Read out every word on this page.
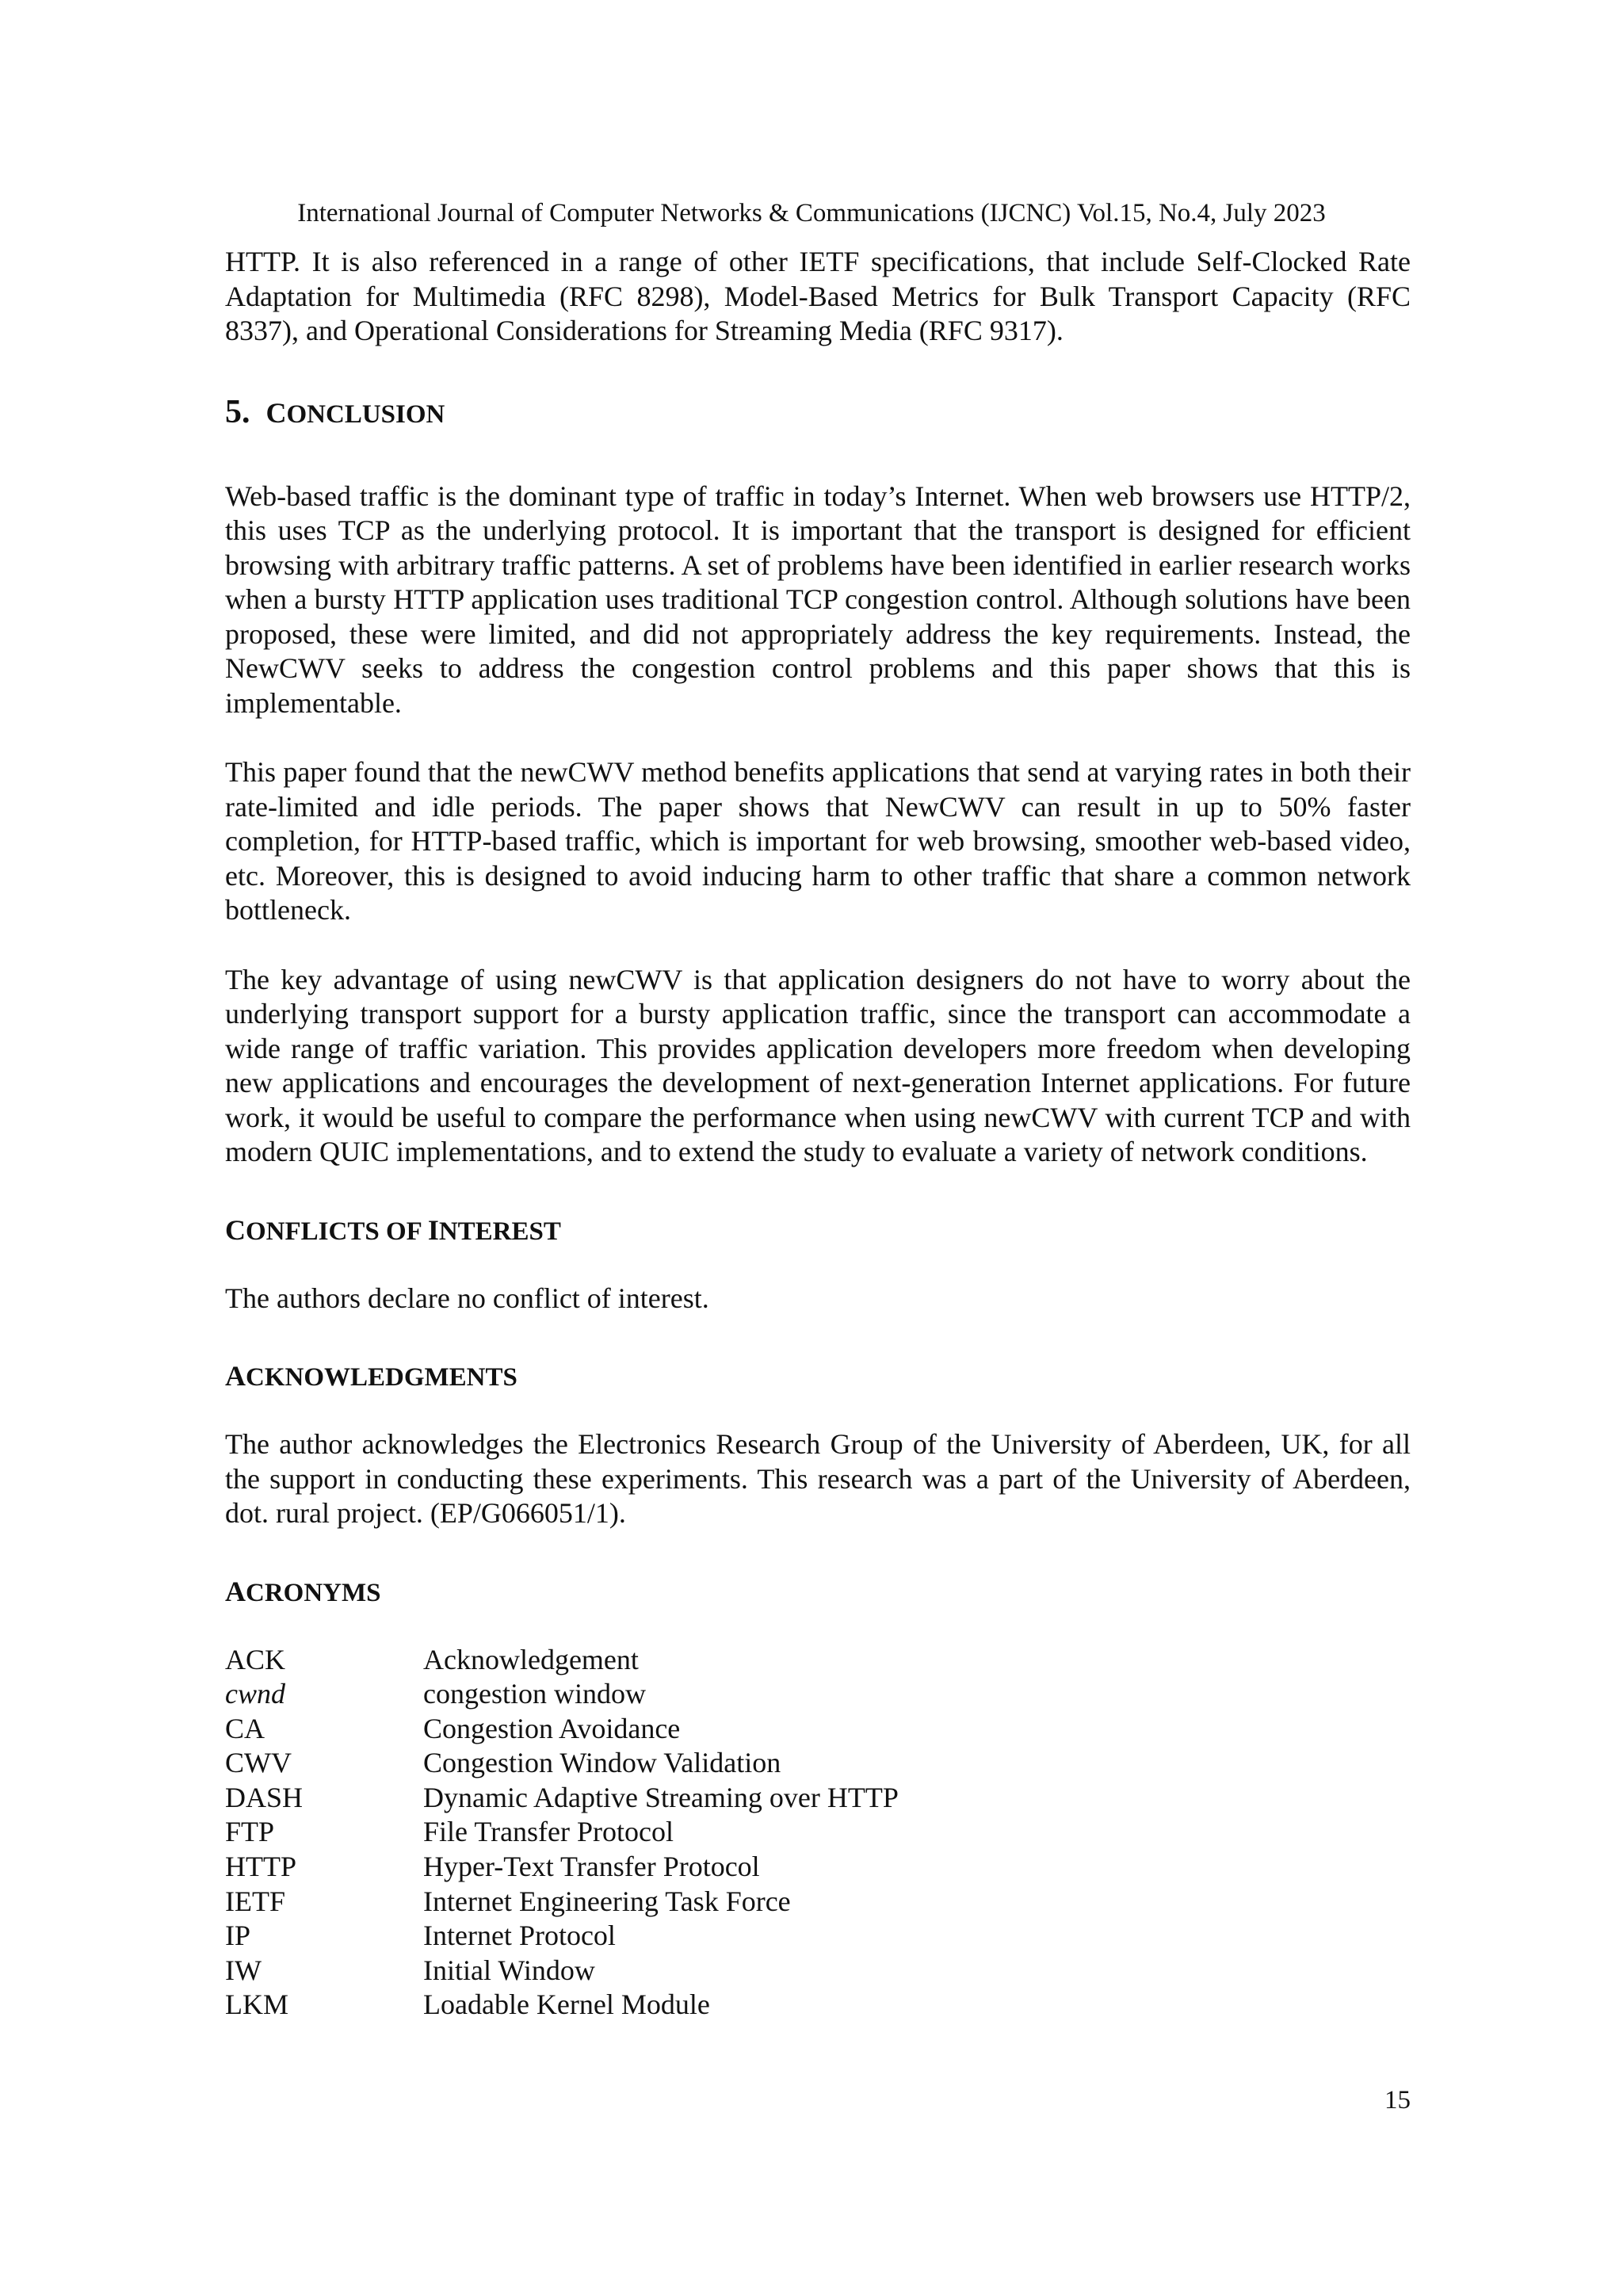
International Journal of Computer Networks & Communications (IJCNC) Vol.15, No.4, July 2023

HTTP. It is also referenced in a range of other IETF specifications, that include Self-Clocked Rate Adaptation for Multimedia (RFC 8298), Model-Based Metrics for Bulk Transport Capacity (RFC 8337), and Operational Considerations for Streaming Media (RFC 9317).

5. CONCLUSION

Web-based traffic is the dominant type of traffic in today’s Internet. When web browsers use HTTP/2, this uses TCP as the underlying protocol. It is important that the transport is designed for efficient browsing with arbitrary traffic patterns. A set of problems have been identified in earlier research works when a bursty HTTP application uses traditional TCP congestion control. Although solutions have been proposed, these were limited, and did not appropriately address the key requirements. Instead, the NewCWV seeks to address the congestion control problems and this paper shows that this is implementable.

This paper found that the newCWV method benefits applications that send at varying rates in both their rate-limited and idle periods. The paper shows that NewCWV can result in up to 50% faster completion, for HTTP-based traffic, which is important for web browsing, smoother web-based video, etc. Moreover, this is designed to avoid inducing harm to other traffic that share a common network bottleneck.

The key advantage of using newCWV is that application designers do not have to worry about the underlying transport support for a bursty application traffic, since the transport can accommodate a wide range of traffic variation. This provides application developers more freedom when developing new applications and encourages the development of next-generation Internet applications. For future work, it would be useful to compare the performance when using newCWV with current TCP and with modern QUIC implementations, and to extend the study to evaluate a variety of network conditions.

CONFLICTS OF INTEREST

The authors declare no conflict of interest.

ACKNOWLEDGMENTS

The author acknowledges the Electronics Research Group of the University of Aberdeen, UK, for all the support in conducting these experiments. This research was a part of the University of Aberdeen, dot. rural project. (EP/G066051/1).

ACRONYMS
ACK	Acknowledgement
cwnd	congestion window
CA	Congestion Avoidance
CWV	Congestion Window Validation
DASH	Dynamic Adaptive Streaming over HTTP
FTP	File Transfer Protocol
HTTP	Hyper-Text Transfer Protocol
IETF	Internet Engineering Task Force
IP	Internet Protocol
IW	Initial Window
LKM	Loadable Kernel Module
15
